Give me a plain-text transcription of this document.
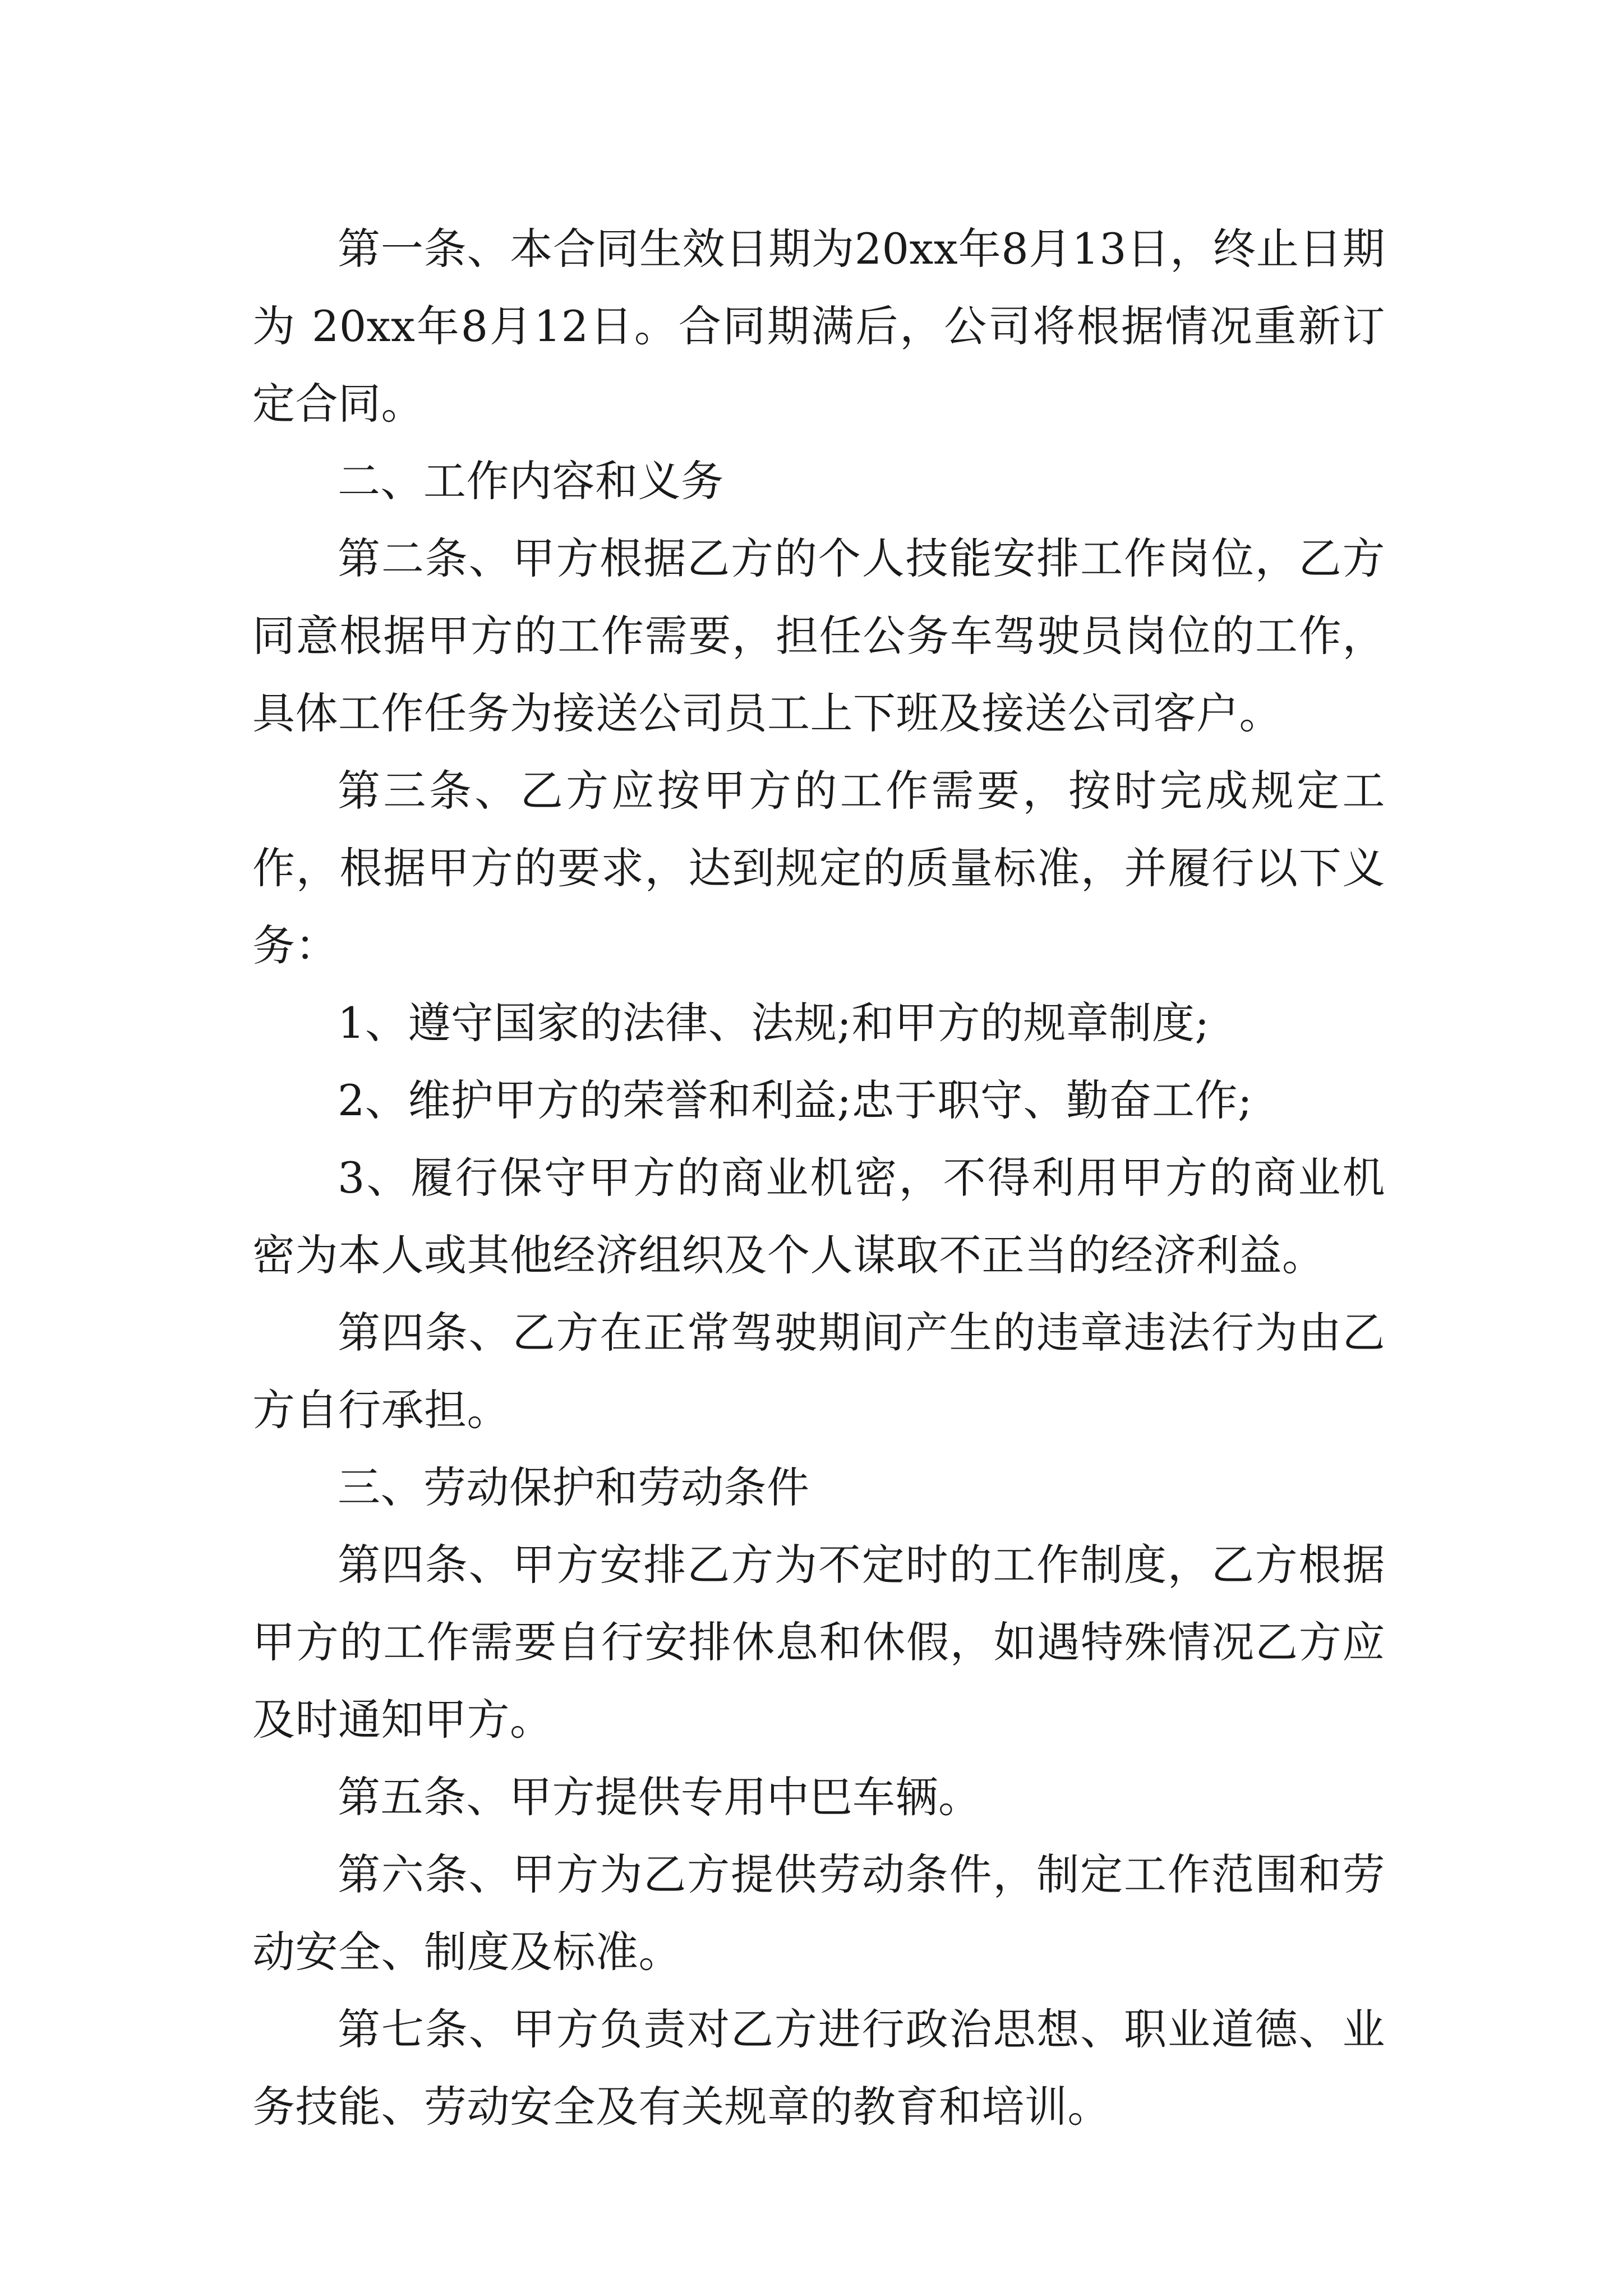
第一条、本合同生效日期为20xx年8月13日，终止日期为 20xx年8月12日。合同期满后，公司将根据情况重新订定合同。

二、工作内容和义务

第二条、甲方根据乙方的个人技能安排工作岗位，乙方同意根据甲方的工作需要，担任公务车驾驶员岗位的工作，具体工作任务为接送公司员工上下班及接送公司客户。

第三条、乙方应按甲方的工作需要，按时完成规定工作，根据甲方的要求，达到规定的质量标准，并履行以下义务：

1、遵守国家的法律、法规;和甲方的规章制度;

2、维护甲方的荣誉和利益;忠于职守、勤奋工作;

3、履行保守甲方的商业机密，不得利用甲方的商业机密为本人或其他经济组织及个人谋取不正当的经济利益。

第四条、乙方在正常驾驶期间产生的违章违法行为由乙方自行承担。

三、劳动保护和劳动条件

第四条、甲方安排乙方为不定时的工作制度，乙方根据甲方的工作需要自行安排休息和休假，如遇特殊情况乙方应及时通知甲方。

第五条、甲方提供专用中巴车辆。

第六条、甲方为乙方提供劳动条件，制定工作范围和劳动安全、制度及标准。

第七条、甲方负责对乙方进行政治思想、职业道德、业务技能、劳动安全及有关规章的教育和培训。
